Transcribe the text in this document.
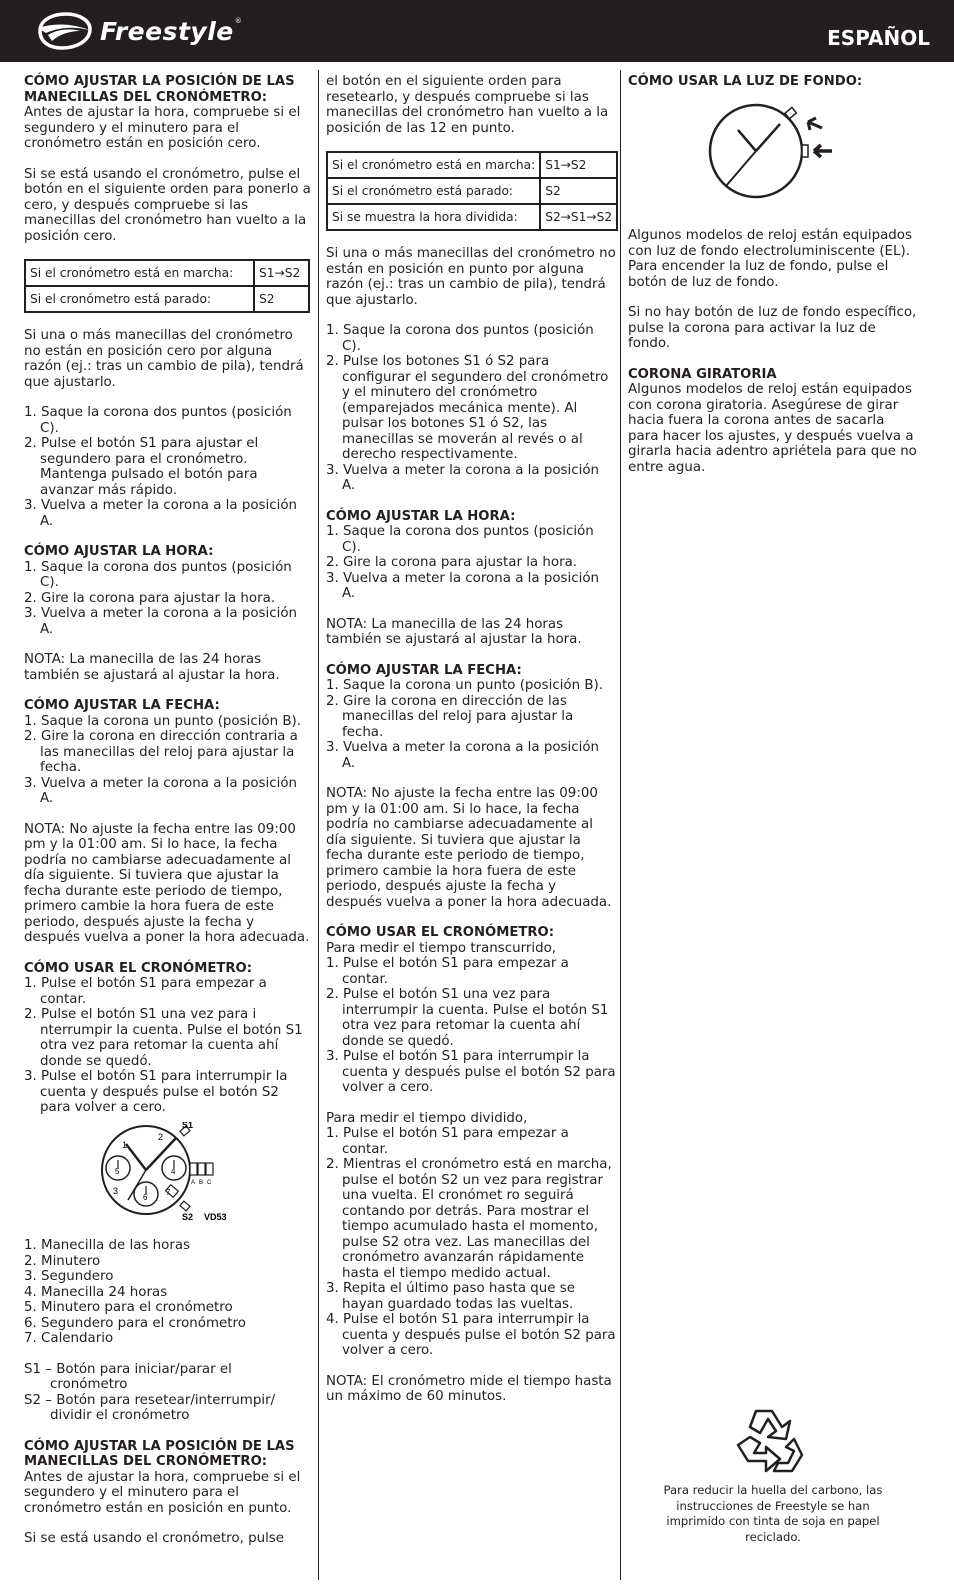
Freestyle®
ESPAÑOL
CÓMO AJUSTAR LA POSICIÓN DE LAS MANECILLAS DEL CRONÓMETRO:

Antes de ajustar la hora, compruebe si el segundero y el minutero para el cronómetro están en posición cero.

Si se está usando el cronómetro, pulse el botón en el siguiente orden para ponerlo a cero, y después compruebe si las manecillas del cronómetro han vuelto a la posición cero.

Si el cronómetro está en marcha:	S1→S2
Si el cronómetro está parado:	S2

Si una o más manecillas del cronómetro no están en posición cero por alguna razón (ej.: tras un cambio de pila), tendrá que ajustarlo.

1. Saque la corona dos puntos (posición C).
2. Pulse el botón S1 para ajustar el segundero para el cronómetro. Mantenga pulsado el botón para avanzar más rápido.
3. Vuelva a meter la corona a la posición A.
CÓMO AJUSTAR LA HORA:
1. Saque la corona dos puntos (posición C).
2. Gire la corona para ajustar la hora.
3. Vuelva a meter la corona a la posición A.

NOTA: La manecilla de las 24 horas también se ajustará al ajustar la hora.

CÓMO AJUSTAR LA FECHA:
1. Saque la corona un punto (posición B).
2. Gire la corona en dirección contraria a las manecillas del reloj para ajustar la fecha.
3. Vuelva a meter la corona a la posición A.

NOTA: No ajuste la fecha entre las 09:00 pm y la 01:00 am. Si lo hace, la fecha podría no cambiarse adecuadamente al día siguiente. Si tuviera que ajustar la fecha durante este periodo de tiempo, primero cambie la hora fuera de este periodo, después ajuste la fecha y después vuelva a poner la hora adecuada.

CÓMO USAR EL CRONÓMETRO:
1. Pulse el botón S1 para empezar a contar.
2. Pulse el botón S1 una vez para i nterrumpir la cuenta. Pulse el botón S1 otra vez para retomar la cuenta ahí donde se quedó.
3. Pulse el botón S1 para interrumpir la cuenta y después pulse el botón S2 para volver a cero.
1
2
3
4
5
6
7
S1
S2 VD53
A B C
1. Manecilla de las horas
2. Minutero
3. Segundero
4. Manecilla 24 horas
5. Minutero para el cronómetro
6. Segundero para el cronómetro
7. Calendario
S1 – Botón para iniciar/parar el cronómetro
S2 – Botón para resetear/interrumpir/ dividir el cronómetro
CÓMO AJUSTAR LA POSICIÓN DE LAS MANECILLAS DEL CRONÓMETRO:

Antes de ajustar la hora, compruebe si el segundero y el minutero para el cronómetro están en posición en punto.

Si se está usando el cronómetro, pulse

el botón en el siguiente orden para resetearlo, y después compruebe si las manecillas del cronómetro han vuelto a la posición de las 12 en punto.

Si el cronómetro está en marcha:	S1→S2
Si el cronómetro está parado:	S2
Si se muestra la hora dividida:	S2→S1→S2

Si una o más manecillas del cronómetro no están en posición en punto por alguna razón (ej.: tras un cambio de pila), tendrá que ajustarlo.

1. Saque la corona dos puntos (posición C).
2. Pulse los botones S1 ó S2 para configurar el segundero del cronómetro y el minutero del cronómetro (emparejados mecánica mente). Al pulsar los botones S1 ó S2, las manecillas se moverán al revés o al derecho respectivamente.
3. Vuelva a meter la corona a la posición A.
CÓMO AJUSTAR LA HORA:
1. Saque la corona dos puntos (posición C).
2. Gire la corona para ajustar la hora.
3. Vuelva a meter la corona a la posición A.

NOTA: La manecilla de las 24 horas también se ajustará al ajustar la hora.

CÓMO AJUSTAR LA FECHA:
1. Saque la corona un punto (posición B).
2. Gire la corona en dirección de las manecillas del reloj para ajustar la fecha.
3. Vuelva a meter la corona a la posición A.

NOTA: No ajuste la fecha entre las 09:00 pm y la 01:00 am. Si lo hace, la fecha podría no cambiarse adecuadamente al día siguiente. Si tuviera que ajustar la fecha durante este periodo de tiempo, primero cambie la hora fuera de este periodo, después ajuste la fecha y después vuelva a poner la hora adecuada.

CÓMO USAR EL CRONÓMETRO:
Para medir el tiempo transcurrido,
1. Pulse el botón S1 para empezar a contar.
2. Pulse el botón S1 una vez para interrumpir la cuenta. Pulse el botón S1 otra vez para retomar la cuenta ahí donde se quedó.
3. Pulse el botón S1 para interrumpir la cuenta y después pulse el botón S2 para volver a cero.
Para medir el tiempo dividido,
1. Pulse el botón S1 para empezar a contar.
2. Mientras el cronómetro está en marcha, pulse el botón S2 un vez para registrar una vuelta. El cronómet ro seguirá contando por detrás. Para mostrar el tiempo acumulado hasta el momento, pulse S2 otra vez. Las manecillas del cronómetro avanzarán rápidamente hasta el tiempo medido actual.
3. Repita el último paso hasta que se hayan guardado todas las vueltas.
4. Pulse el botón S1 para interrumpir la cuenta y después pulse el botón S2 para volver a cero.

NOTA: El cronómetro mide el tiempo hasta un máximo de 60 minutos.

CÓMO USAR LA LUZ DE FONDO:

Algunos modelos de reloj están equipados con luz de fondo electroluminiscente (EL). Para encender la luz de fondo, pulse el botón de luz de fondo.

Si no hay botón de luz de fondo específico, pulse la corona para activar la luz de fondo.

CORONA GIRATORIA

Algunos modelos de reloj están equipados con corona giratoria. Asegúrese de girar hacia fuera la corona antes de sacarla para hacer los ajustes, y después vuelva a girarla hacia adentro apriétela para que no entre agua.

Para reducir la huella del carbono, las instrucciones de Freestyle se han imprimido con tinta de soja en papel reciclado.
